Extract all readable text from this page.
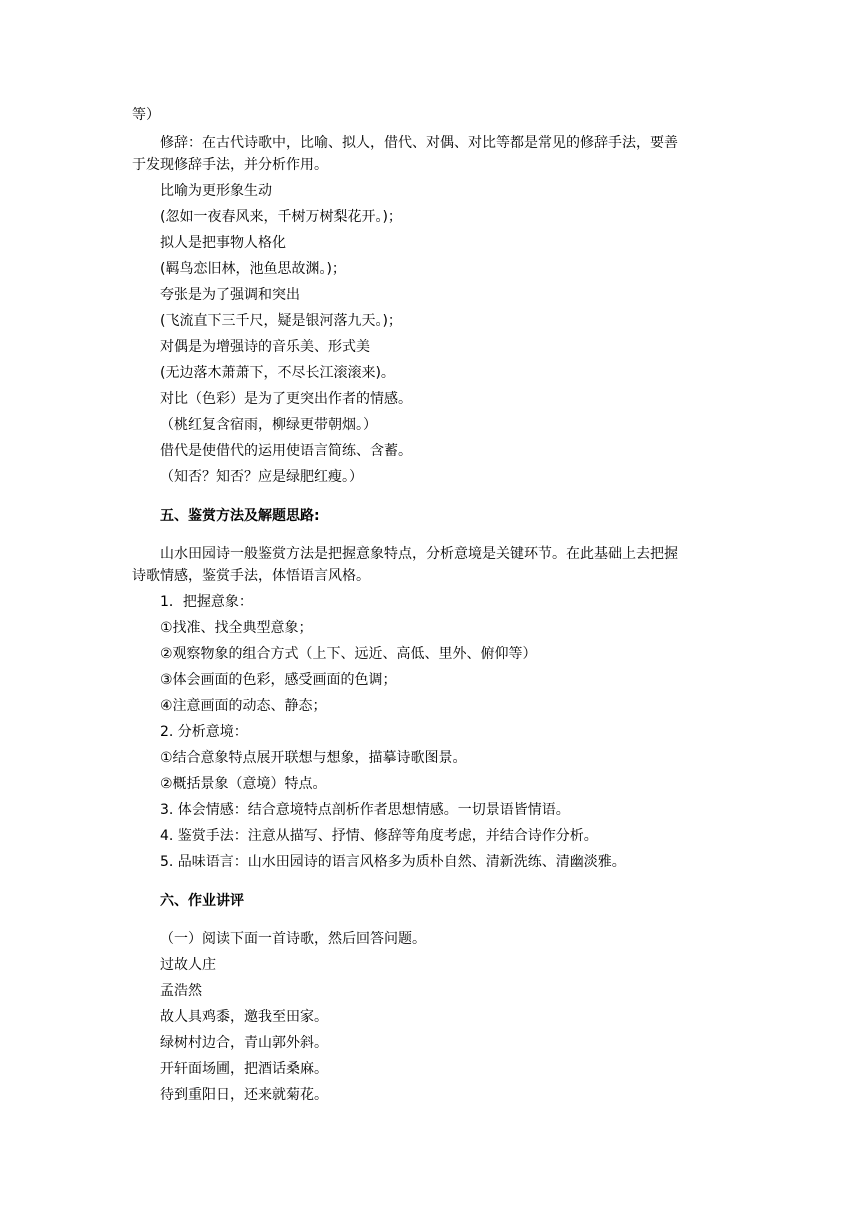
等）
修辞：在古代诗歌中，比喻、拟人，借代、对偶、对比等都是常见的修辞手法，要善
于发现修辞手法，并分析作用。
比喻为更形象生动
(忽如一夜春风来，千树万树梨花开。)；
拟人是把事物人格化
(羁鸟恋旧林，池鱼思故渊。)；
夸张是为了强调和突出
(飞流直下三千尺，疑是银河落九天。)；
对偶是为增强诗的音乐美、形式美
(无边落木萧萧下，不尽长江滚滚来)。
对比（色彩）是为了更突出作者的情感。
（桃红复含宿雨，柳绿更带朝烟。）
借代是使借代的运用使语言简练、含蓄。
（知否？知否？应是绿肥红瘦。）
五、鉴赏方法及解题思路:
山水田园诗一般鉴赏方法是把握意象特点，分析意境是关键环节。在此基础上去把握
诗歌情感，鉴赏手法，体悟语言风格。
1．把握意象：
①找准、找全典型意象；
②观察物象的组合方式（上下、远近、高低、里外、俯仰等）
③体会画面的色彩，感受画面的色调；
④注意画面的动态、静态；
2. 分析意境：
①结合意象特点展开联想与想象，描摹诗歌图景。
②概括景象（意境）特点。
3. 体会情感：结合意境特点剖析作者思想情感。一切景语皆情语。
4. 鉴赏手法：注意从描写、抒情、修辞等角度考虑，并结合诗作分析。
5. 品味语言：山水田园诗的语言风格多为质朴自然、清新洗练、清幽淡雅。
六、作业讲评
（一）阅读下面一首诗歌，然后回答问题。
过故人庄
孟浩然
故人具鸡黍，邀我至田家。
绿树村边合，青山郭外斜。
开轩面场圃，把酒话桑麻。
待到重阳日，还来就菊花。
